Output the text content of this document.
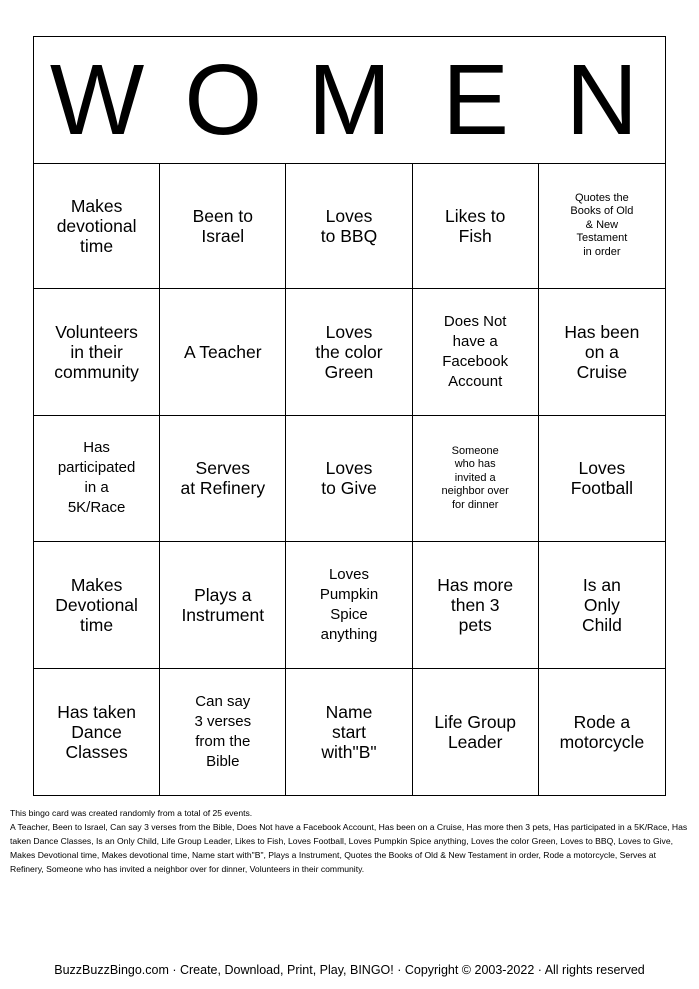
W O M E N
Makes
devotional
time
Been to
Israel
Loves
to BBQ
Likes to
Fish
Quotes the
Books of Old
& New
Testament
in order
Volunteers
in their
community
A Teacher
Loves
the color
Green
Does Not
have a
Facebook
Account
Has been
on a
Cruise
Has
participated
in a
5K/Race
Serves
at Refinery
Loves
to Give
Someone
who has
invited a
neighbor over
for dinner
Loves
Football
Makes
Devotional
time
Plays a
Instrument
Loves
Pumpkin
Spice
anything
Has more
then 3
pets
Is an
Only
Child
Has taken
Dance
Classes
Can say
3 verses
from the
Bible
Name
start
with"B"
Life Group
Leader
Rode a
motorcycle
This bingo card was created randomly from a total of 25 events.
A Teacher, Been to Israel, Can say 3 verses from the Bible, Does Not have a Facebook Account, Has been on a Cruise, Has more then 3 pets, Has participated in a 5K/Race, Has taken Dance Classes, Is an Only Child, Life Group Leader, Likes to Fish, Loves Football, Loves Pumpkin Spice anything, Loves the color Green, Loves to BBQ, Loves to Give, Makes Devotional time, Makes devotional time, Name start with"B", Plays a Instrument, Quotes the Books of Old & New Testament in order, Rode a motorcycle, Serves at Refinery, Someone who has invited a neighbor over for dinner, Volunteers in their community.
BuzzBuzzBingo.com · Create, Download, Print, Play, BINGO! · Copyright © 2003-2022 · All rights reserved
